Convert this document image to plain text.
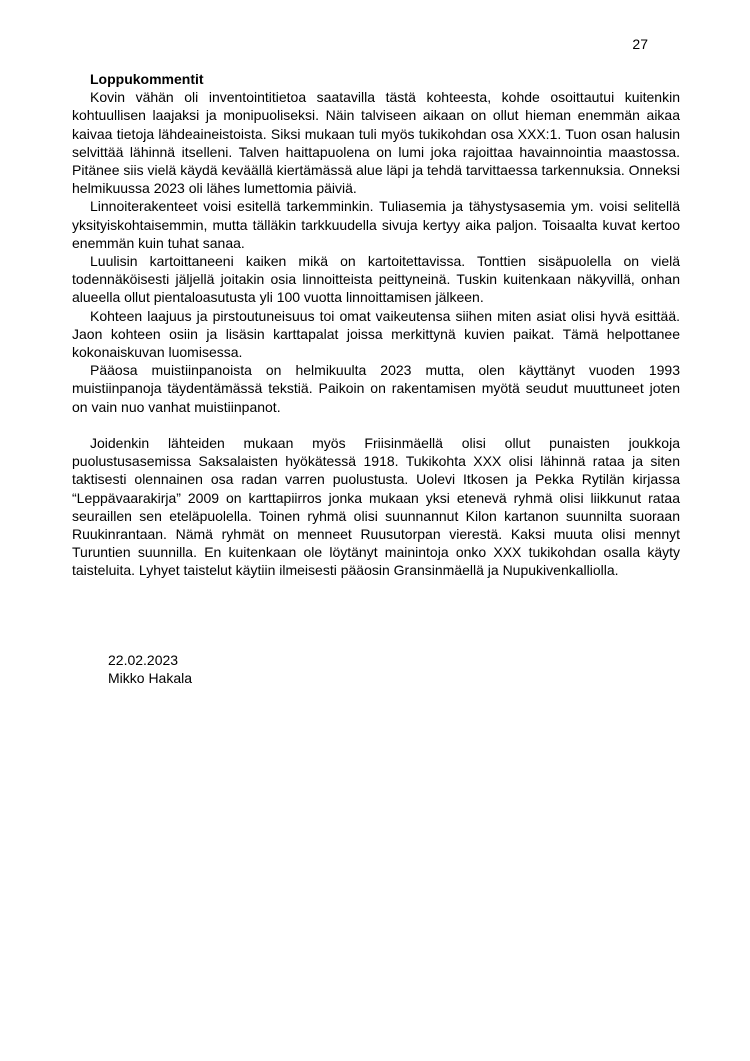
27

Loppukommentit

Kovin vähän oli inventointitietoa saatavilla tästä kohteesta, kohde osoittautui kuitenkin kohtuullisen laajaksi ja monipuoliseksi. Näin talviseen aikaan on ollut hieman enemmän aikaa kaivaa tietoja lähdeaineistoista. Siksi mukaan tuli myös tukikohdan osa XXX:1. Tuon osan halusin selvittää lähinnä itselleni. Talven haittapuolena on lumi joka rajoittaa havainnointia maastossa. Pitänee siis vielä käydä keväällä kiertämässä alue läpi ja tehdä tarvittaessa tarkennuksia. Onneksi helmikuussa 2023 oli lähes lumettomia päiviä.

Linnoiterakenteet voisi esitellä tarkemminkin. Tuliasemia ja tähystysasemia ym. voisi selitellä yksityiskohtaisemmin, mutta tälläkin tarkkuudella sivuja kertyy aika paljon. Toisaalta kuvat kertoo enemmän kuin tuhat sanaa.

Luulisin kartoittaneeni kaiken mikä on kartoitettavissa. Tonttien sisäpuolella on vielä todennäköisesti jäljellä joitakin osia linnoitteista peittyneinä. Tuskin kuitenkaan näkyvillä, onhan alueella ollut pientaloasutusta yli 100 vuotta linnoittamisen jälkeen.

Kohteen laajuus ja pirstoutuneisuus toi omat vaikeutensa siihen miten asiat olisi hyvä esittää. Jaon kohteen osiin ja lisäsin karttapalat joissa merkittynä kuvien paikat. Tämä helpottanee kokonaiskuvan luomisessa.

Pääosa muistiinpanoista on helmikuulta 2023 mutta, olen käyttänyt vuoden 1993 muistiinpanoja täydentämässä tekstiä. Paikoin on rakentamisen myötä seudut muuttuneet joten on vain nuo vanhat muistiinpanot.

Joidenkin lähteiden mukaan myös Friisinmäellä olisi ollut punaisten joukkoja puolustusasemissa Saksalaisten hyökätessä 1918. Tukikohta XXX olisi lähinnä rataa ja siten taktisesti olennainen osa radan varren puolustusta. Uolevi Itkosen ja Pekka Rytilän kirjassa “Leppävaarakirja” 2009 on karttapiirros jonka mukaan yksi etenevä ryhmä olisi liikkunut rataa seuraillen sen eteläpuolella. Toinen ryhmä olisi suunnannut Kilon kartanon suunnilta suoraan Ruukinrantaan. Nämä ryhmät on menneet Ruusutorpan vierestä. Kaksi muuta olisi mennyt Turuntien suunnilla. En kuitenkaan ole löytänyt mainintoja onko XXX tukikohdan osalla käyty taisteluita. Lyhyet taistelut käytiin ilmeisesti pääosin Gransinmäellä ja Nupukivenkalliolla.

22.02.2023
Mikko Hakala
